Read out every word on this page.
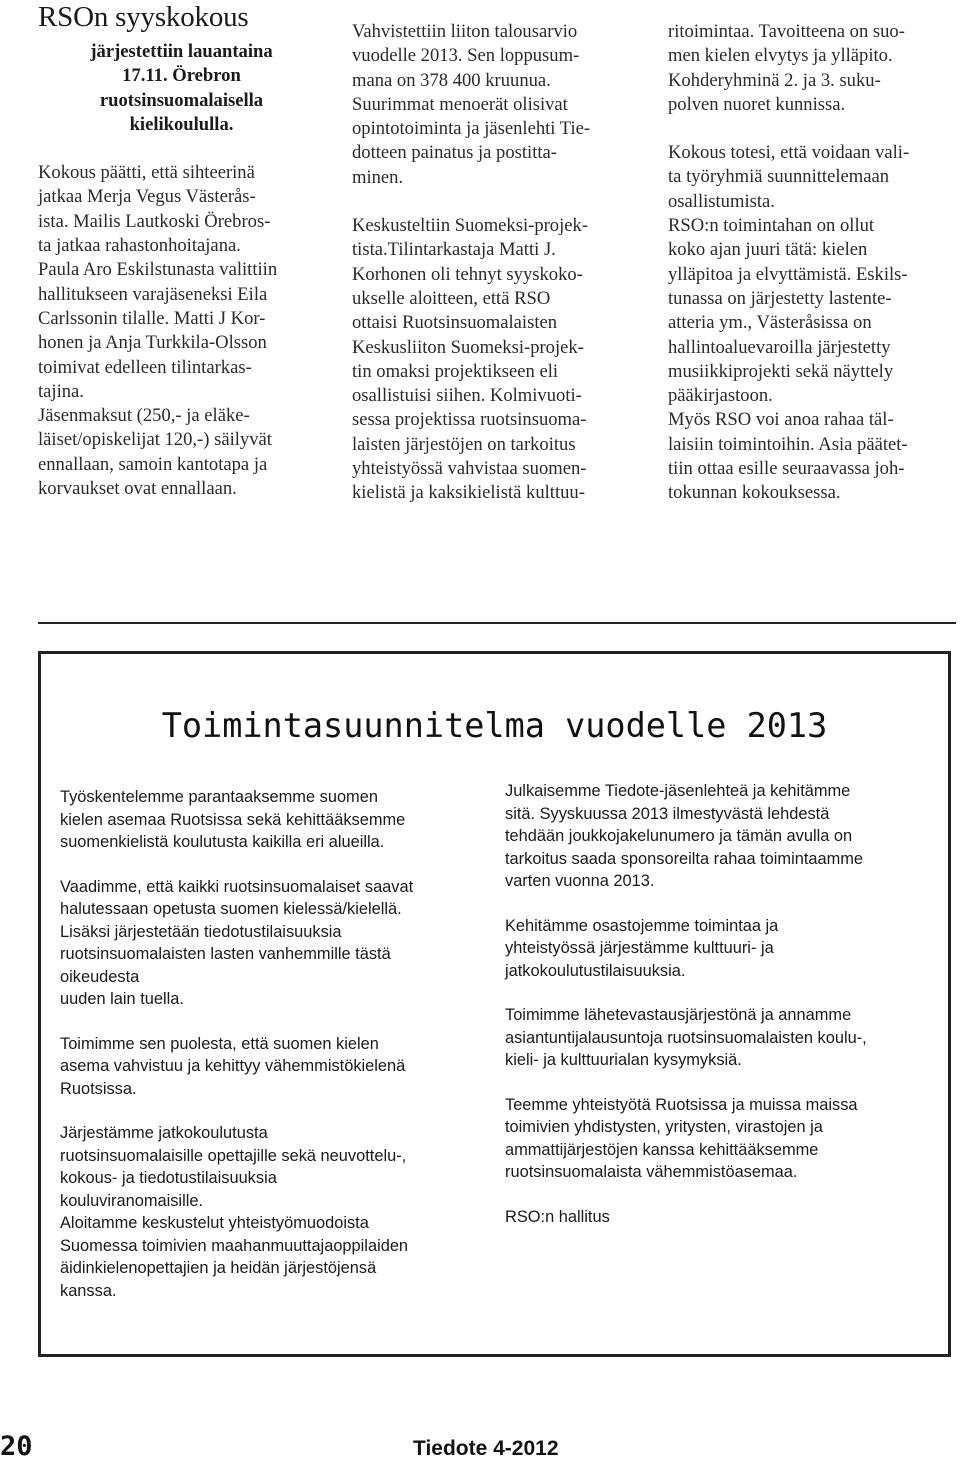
RSOn syyskokous
järjestettiin lauantaina
17.11. Örebron
ruotsinsuomalaisella
kielikoululla.

Kokous päätti, että sihteerinä
jatkaa Merja Vegus Västerås-
ista. Mailis Lautkoski Örebros-
ta jatkaa rahastonhoitajana.
Paula Aro Eskilstunasta valittiin
hallitukseen varajäseneksi Eila
Carlssonin tilalle. Matti J Kor-
honen ja Anja Turkkila-Olsson
toimivat edelleen tilintarkas-
tajina.

Jäsenmaksut (250,- ja eläke-
läiset/opiskelijat 120,-) säilyvät
ennallaan, samoin kantotapa ja
korvaukset ovat ennallaan.

Vahvistettiin liiton talousarvio
vuodelle 2013. Sen loppusum-
mana on 378 400 kruunua.
Suurimmat menoerät olisivat
opintotoiminta ja jäsenlehti Tie-
dotteen painatus ja postitta-
minen.

Keskusteltiin Suomeksi-projek-
tista.Tilintarkastaja Matti J.
Korhonen oli tehnyt syyskoko-
ukselle aloitteen, että RSO
ottaisi Ruotsinsuomalaisten
Keskusliiton Suomeksi-projek-
tin omaksi projektikseen eli
osallistuisi siihen. Kolmivuoti-
sessa projektissa ruotsinsuoma-
laisten järjestöjen on tarkoitus
yhteistyössä vahvistaa suomen-
kielistä ja kaksikielistä kulttuu-

ritoimintaa. Tavoitteena on suo-
men kielen elvytys ja ylläpito.
Kohderyhminä 2. ja 3. suku-
polven nuoret kunnissa.

Kokous totesi, että voidaan vali-
ta työryhmiä suunnittelemaan
osallistumista.

RSO:n toimintahan on ollut
koko ajan juuri tätä: kielen
ylläpitoa ja elvyttämistä. Eskils-
tunassa on järjestetty lastente-
atteria ym., Västeråsissa on
hallintoaluevaroilla järjestetty
musiikkiprojekti sekä näyttely
pääkirjastoon.

Myös RSO voi anoa rahaa täl-
laisiin toimintoihin. Asia päätet-
tiin ottaa esille seuraavassa joh-
tokunnan kokouksessa.

Toimintasuunnitelma vuodelle 2013

Työskentelemme parantaaksemme suomen
kielen asemaa Ruotsissa sekä kehittääksemme
suomenkielistä koulutusta kaikilla eri alueilla.

Vaadimme, että kaikki ruotsinsuomalaiset saavat
halutessaan opetusta suomen kielessä/kielellä.
Lisäksi järjestetään tiedotustilaisuuksia
ruotsinsuomalaisten lasten vanhemmille tästä
oikeudesta
uuden lain tuella.

Toimimme sen puolesta, että suomen kielen
asema vahvistuu ja kehittyy vähemmistökielenä
Ruotsissa.

Järjestämme jatkokoulutusta
ruotsinsuomalaisille opettajille sekä neuvottelu-,
kokous- ja tiedotustilaisuuksia
kouluviranomaisille.
Aloitamme keskustelut yhteistyömuodoista
Suomessa toimivien maahanmuuttajaoppilaiden
äidinkielenopettajien ja heidän järjestöjensä
kanssa.

Julkaisemme Tiedote-jäsenlehteä ja kehitämme
sitä. Syyskuussa 2013 ilmestyvästä lehdestä
tehdään joukkojakelunumero ja tämän avulla on
tarkoitus saada sponsoreilta rahaa toimintaamme
varten vuonna 2013.

Kehitämme osastojemme toimintaa ja
yhteistyössä järjestämme kulttuuri- ja
jatkokoulutustilaisuuksia.

Toimimme lähetevastausjärjestönä ja annamme
asiantuntijalausuntoja ruotsinsuomalaisten koulu-,
kieli- ja kulttuurialan kysymyksiä.

Teemme yhteistyötä Ruotsissa ja muissa maissa
toimivien yhdistysten, yritysten, virastojen ja
ammattijärjestöjen kanssa kehittääksemme
ruotsinsuomalaista vähemmistöasemaa.

RSO:n hallitus

20	Tiedote 4-2012
